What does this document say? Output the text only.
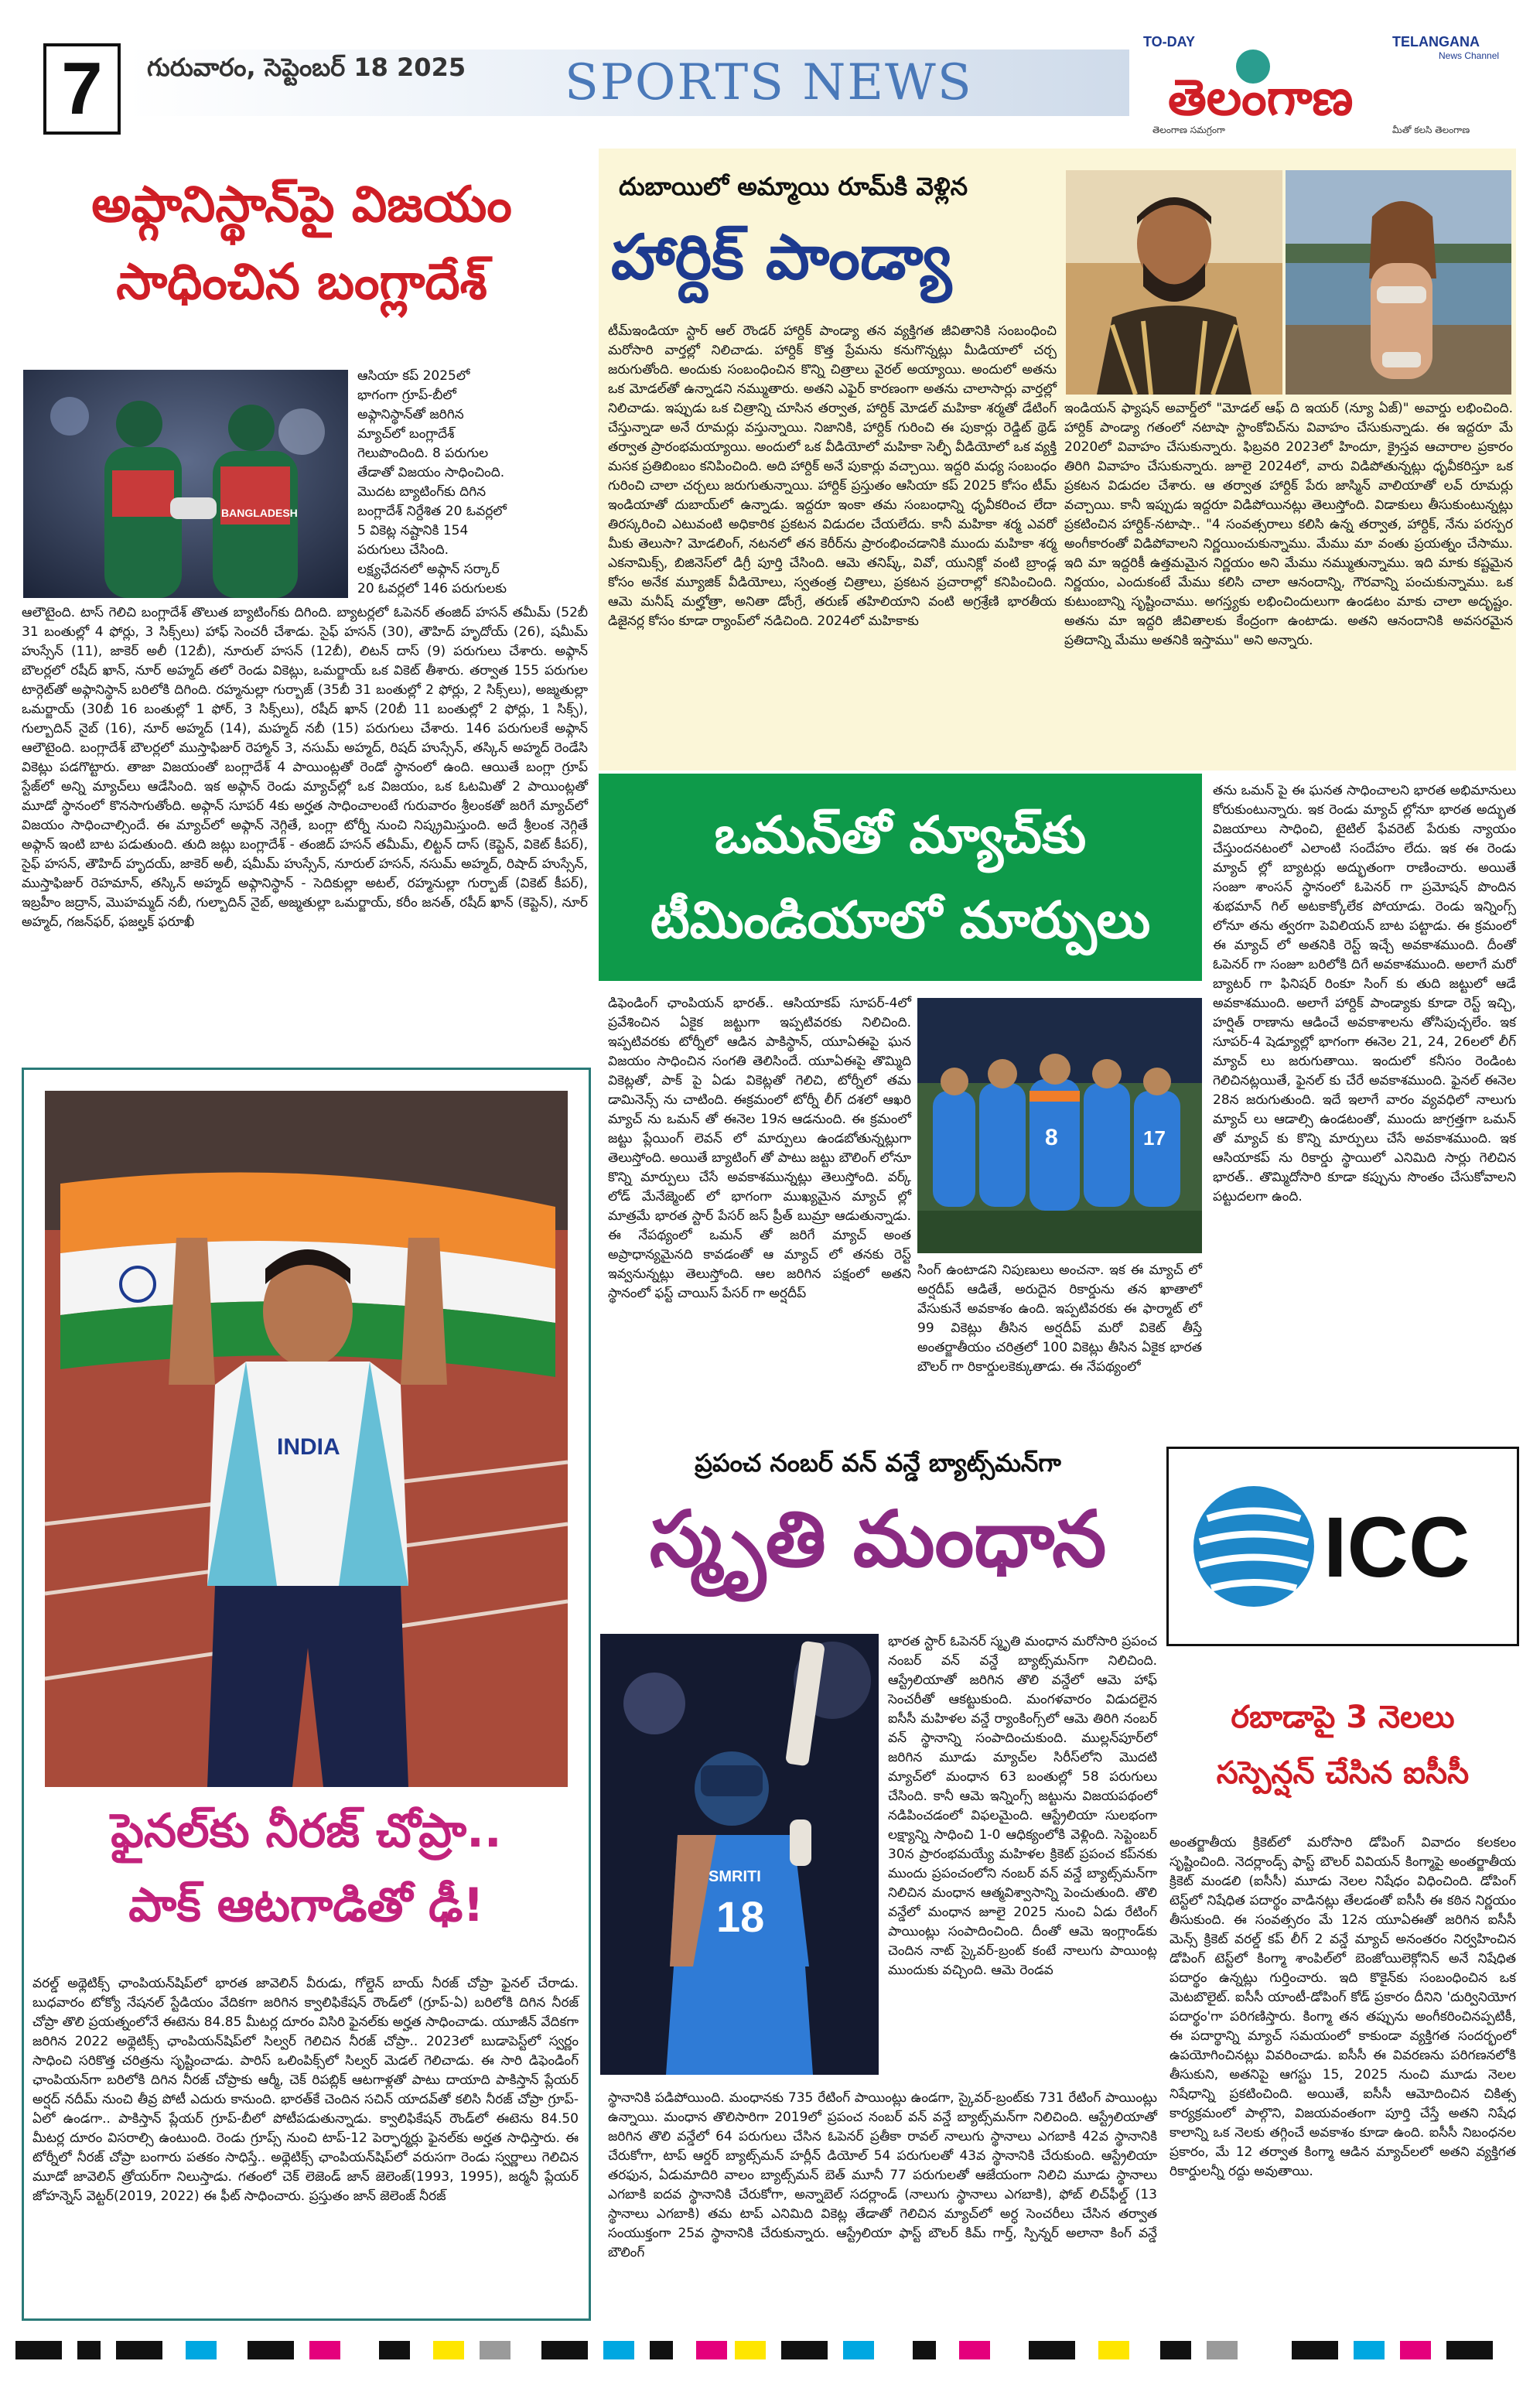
7	గురువారం, సెప్టెంబర్ 18 2025 SPORTS NEWS
TO-DAY	TELANGANA
News Channel
తెలంగాణ
తెలంగాణ సమగ్రంగా	మీతో కలసి తెలంగాణ
అఫ్గానిస్థాన్‌పై విజయం
సాధించిన బంగ్లాదేశ్
BANGLADESH
ఆసియా కప్ 2025లో
భాగంగా గ్రూప్-బీలో
అఫ్గానిస్థాన్‌తో జరిగిన
మ్యాచ్‌లో బంగ్లాదేశ్
గెలుపొందింది. 8 పరుగుల
తేడాతో విజయం సాధించింది.
మొదట బ్యాటింగ్‌కు దిగిన
బంగ్లాదేశ్ నిర్దేశిత 20 ఓవర్లలో
5 వికెట్ల నష్టానికి 154
పరుగులు చేసింది.
లక్ష్యఛేదనలో అఫ్గాన్ సర్కార్
20 ఓవర్లలో 146 పరుగులకు
ఆలౌటైంది. టాస్ గెలిచి బంగ్లాదేశ్ తొలుత బ్యాటింగ్‌కు దిగింది. బ్యాటర్లలో ఓపెనర్ తంజిద్ హసన్ తమీమ్ (52బీ 31 బంతుల్లో 4 ఫోర్లు, 3 సిక్స్‌లు) హాఫ్ సెంచరీ చేశాడు. సైఫ్ హసన్ (30), తౌహిద్ హృదోయ్ (26), షమీమ్ హుస్సేన్ (11), జాకెర్ అలీ (12బీ), నూరుల్ హసన్ (12బీ), లిటన్ దాస్ (9) పరుగులు చేశారు. అఫ్గాన్ బౌలర్లలో రషీద్ ఖాన్, నూర్ అహ్మద్ తలో రెండు వికెట్లు, ఒమర్జాయ్ ఒక వికెట్ తీశారు. తర్వాత 155 పరుగుల టార్గెట్‌తో అఫ్గానిస్థాన్ బరిలోకి దిగింది. రహ్మనుల్లా గుర్బాజ్ (35బీ 31 బంతుల్లో 2 ఫోర్లు, 2 సిక్స్‌లు), అజ్మతుల్లా ఒమర్జాయ్ (30బీ 16 బంతుల్లో 1 ఫోర్, 3 సిక్స్‌లు), రషీద్ ఖాన్ (20బీ 11 బంతుల్లో 2 ఫోర్లు, 1 సిక్స్), గుల్బాదిన్ నైబ్ (16), నూర్ అహ్మద్ (14), మహ్మద్ నబీ (15) పరుగులు చేశారు. 146 పరుగులకే అఫ్గాన్ ఆలౌటైంది. బంగ్లాదేశ్ బౌలర్లలో ముస్తాఫిజుర్ రెహ్మాన్ 3, నసుమ్ అహ్మద్, రిషద్ హుస్సేన్, తస్కిన్ అహ్మద్ రెండేసి వికెట్లు పడగొట్టారు. తాజా విజయంతో బంగ్లాదేశ్ 4 పాయింట్లతో రెండో స్థానంలో ఉంది. ఆయితే బంగ్లా గ్రూప్ స్టేజ్‌లో అన్ని మ్యాచ్‌లు ఆడేసింది. ఇక అఫ్గాన్ రెండు మ్యాచ్‌ల్లో ఒక విజయం, ఒక ఓటమితో 2 పాయింట్లతో మూడో స్థానంలో కొనసాగుతోంది. అఫ్గాన్ సూపర్ 4కు అర్హత సాధించాలంటే గురువారం శ్రీలంకతో జరిగే మ్యాచ్‌లో విజయం సాధించాల్సిందే. ఈ మ్యాచ్‌లో అఫ్గాన్ నెగ్గితే, బంగ్లా టోర్నీ నుంచి నిష్క్రమిస్తుంది. అదే శ్రీలంక నెగ్గితే అఫ్గాన్ ఇంటి బాట పడుతుంది. తుది జట్లు బంగ్లాదేశ్ - తంజిద్ హసన్ తమీమ్, లిట్టన్ దాస్ (కెప్టెన్, వికెట్ కీపర్), సైఫ్ హసన్, తౌహిద్ హృదయ్, జాకెర్ అలీ, షమీమ్ హుస్సేన్, నూరుల్ హసన్, నసుమ్ అహ్మద్, రిషాద్ హుస్సేన్, ముస్తాఫిజుర్ రెహమాన్, తస్కిన్ అహ్మద్ అఫ్గానిస్థాన్ - సెదికుల్లా అటల్, రహ్మనుల్లా గుర్బాజ్ (వికెట్ కీపర్), ఇబ్రహీం జద్రాన్, మొహమ్మద్ నబీ, గుల్బాదిన్ నైబ్, అజ్మతుల్లా ఒమర్జాయ్, కరీం జనత్, రషీద్ ఖాన్ (కెప్టెన్), నూర్ అహ్మద్, గజన్‌ఫర్, ఫజల్హక్ ఫరూఖీ
దుబాయిలో అమ్మాయి రూమ్‌కి వెళ్లిన
హార్దిక్ పాండ్యా
టీమ్‌ఇండియా స్టార్ ఆల్ రౌండర్ హార్దిక్ పాండ్యా తన వ్యక్తిగత జీవితానికి సంబంధించి మరోసారి వార్తల్లో నిలిచాడు. హార్దిక్ కొత్త ప్రేమను కనుగొన్నట్లు మీడియాలో చర్చ జరుగుతోంది. అందుకు సంబంధించిన కొన్ని చిత్రాలు వైరల్ అయ్యాయి. అందులో అతను ఒక మోడల్‌తో ఉన్నాడని నమ్ముతారు. అతని ఎఫైర్ కారణంగా అతను చాలాసార్లు వార్తల్లో నిలిచాడు. ఇప్పుడు ఒక చిత్రాన్ని చూసిన తర్వాత, హార్దిక్ మోడల్ మహికా శర్మతో డేటింగ్ చేస్తున్నాడా అనే రూమర్లు వస్తున్నాయి. నిజానికి, హార్దిక్ గురించి ఈ పుకార్లు రెడ్డిట్ థ్రెడ్ తర్వాత ప్రారంభమయ్యాయి. అందులో ఒక వీడియోలో మహికా సెల్ఫీ వీడియోలో ఒక వ్యక్తి మసక ప్రతిబింబం కనిపించింది. అది హార్దిక్ అనే పుకార్లు వచ్చాయి. ఇద్దరి మధ్య సంబంధం గురించి చాలా చర్చలు జరుగుతున్నాయి. హార్దిక్ ప్రస్తుతం ఆసియా కప్ 2025 కోసం టీమ్ ఇండియాతో దుబాయ్‌లో ఉన్నాడు. ఇద్దరూ ఇంకా తమ సంబంధాన్ని ధృవీకరించ లేదా తిరస్కరించి ఎటువంటి అధికారిక ప్రకటన విడుదల చేయలేదు. కానీ మహికా శర్మ ఎవరో మీకు తెలుసా? మోడలింగ్, నటనలో తన కెరీర్‌ను ప్రారంభించడానికి ముందు మహికా శర్మ ఎకనామిక్స్, బిజినెస్‌లో డిగ్రీ పూర్తి చేసింది. ఆమె తనిష్క్, వివో, యునిక్లో వంటి బ్రాండ్ల కోసం అనేక మ్యూజిక్ వీడియోలు, స్వతంత్ర చిత్రాలు, ప్రకటన ప్రచారాల్లో కనిపించింది. ఆమె మనీష్ మల్హోత్రా, అనితా డోంగ్రే, తరుణ్ తహిలియాని వంటి అగ్రశ్రేణి భారతీయ డిజైనర్ల కోసం కూడా ర్యాంప్‌లో నడిచింది. 2024లో మహికాకు
ఇండియన్ ఫ్యాషన్ అవార్డ్‌లో "మోడల్ ఆఫ్ ది ఇయర్ (న్యూ ఏజ్)" అవార్డు లభించింది. హార్దిక్ పాండ్యా గతంలో నటాషా స్టాంకోవిచ్‌ను వివాహం చేసుకున్నాడు. ఈ ఇద్దరూ మే 2020లో వివాహం చేసుకున్నారు. ఫిబ్రవరి 2023లో హిందూ, క్రైస్తవ ఆచారాల ప్రకారం తిరిగి వివాహం చేసుకున్నారు. జూలై 2024లో, వారు విడిపోతున్నట్లు ధృవీకరిస్తూ ఒక ప్రకటన విడుదల చేశారు. ఆ తర్వాత హార్దిక్ పేరు జాస్మిన్ వాలియాతో లవ్ రూమర్లు వచ్చాయి. కానీ ఇప్పుడు ఇద్దరూ విడిపోయినట్లు తెలుస్తోంది. విడాకులు తీసుకుంటున్నట్లు ప్రకటించిన హార్దిక్-నటాషా.. "4 సంవత్సరాలు కలిసి ఉన్న తర్వాత, హార్దిక్, నేను పరస్పర అంగీకారంతో విడిపోవాలని నిర్ణయించుకున్నాము. మేము మా వంతు ప్రయత్నం చేసాము. ఇది మా ఇద్దరికీ ఉత్తమమైన నిర్ణయం అని మేము నమ్ముతున్నాము. ఇది మాకు కష్టమైన నిర్ణయం, ఎందుకంటే మేము కలిసి చాలా ఆనందాన్ని, గౌరవాన్ని పంచుకున్నాము. ఒక కుటుంబాన్ని సృష్టించాము. అగస్త్యకు లభించిందులుగా ఉండటం మాకు చాలా అదృష్టం. అతను మా ఇద్దరి జీవితాలకు కేంద్రంగా ఉంటాడు. అతని ఆనందానికి అవసరమైన ప్రతిదాన్ని మేము అతనికి ఇస్తాము" అని అన్నారు.
ఒమన్‌తో మ్యాచ్‌కు
టీమిండియాలో మార్పులు
తను ఒమన్ పై ఈ ఘనత సాధించాలని భారత అభిమానులు కోరుకుంటున్నారు. ఇక రెండు మ్యాచ్ ల్లోనూ భారత అద్భుత విజయాలు సాధించి, టైటిల్ ఫేవరెట్ పేరుకు న్యాయం చేస్తుందనటంలో ఎలాంటి సందేహం లేదు. ఇక ఈ రెండు మ్యాచ్ ల్లో బ్యాటర్లు అద్భుతంగా రాణించారు. అయితే సంజూ శాంసన్ స్థానంలో ఓపెనర్ గా ప్రమోషన్ పొందిన శుభమాన్ గిల్ అటకాక్కోలేక పోయాడు. రెండు ఇన్నింగ్స్ లోనూ తను త్వరగా పెవిలియన్ బాట పట్టాడు. ఈ క్రమంలో ఈ మ్యాచ్ లో అతనికి రెస్ట్ ఇచ్చే అవకాశముంది. దీంతో ఓపెనర్ గా సంజూ బరిలోకి దిగే అవకాశముంది. అలాగే మరో బ్యాటర్ గా ఫినిషర్ రింకూ సింగ్ కు తుది జట్టులో ఆడే అవకాశముంది. అలాగే హార్దిక్ పాండ్యాకు కూడా రెస్ట్ ఇచ్చి, హర్షిత్ రాణాను ఆడించే అవకాశాలను తోసిపుచ్చలేం. ఇక సూపర్-4 షెడ్యూల్లో భాగంగా ఈనెల 21, 24, 26లలో లీగ్ మ్యాచ్ లు జరుగుతాయి. ఇందులో కనీసం రెండింట గెలిచినట్లయితే, ఫైనల్ కు చేరే అవకాశముంది. ఫైనల్ ఈనెల 28న జరుగుతుంది. ఇదే ఇలాగే వారం వ్యవధిలో నాలుగు మ్యాచ్ లు ఆడాల్సి ఉండటంతో, ముందు జాగ్రత్తగా ఒమన్ తో మ్యాచ్ కు కొన్ని మార్పులు చేసే అవకాశముంది. ఇక ఆసియాకప్ ను రికార్డు స్థాయిలో ఎనిమిది సార్లు గెలిచిన భారత్.. తొమ్మిదోసారి కూడా కప్పును సొంతం చేసుకోవాలని పట్టుదలగా ఉంది.
డిఫెండింగ్ ఛాంపియన్ భారత్.. ఆసియాకప్ సూపర్-4లో ప్రవేశించిన ఏకైక జట్టుగా ఇప్పటివరకు నిలిచింది. ఇప్పటివరకు టోర్నీలో ఆడిన పాకిస్థాన్, యూఏఈపై ఘన విజయం సాధించిన సంగతి తెలిసిందే. యూఏఈపై తొమ్మిది వికెట్లతో, పాక్ పై ఏడు వికెట్లతో గెలిచి, టోర్నీలో తమ డామినెన్స్ ను చాటింది. ఈక్రమంలో టోర్నీ లీగ్ దశలో ఆఖరి మ్యాచ్ ను ఒమన్ తో ఈనెల 19న ఆడనుంది. ఈ క్రమంలో జట్టు ప్లేయింగ్ లెవన్ లో మార్పులు ఉండబోతున్నట్లుగా తెలుస్తోంది. అయితే బ్యాటింగ్ తో పాటు జట్టు బౌలింగ్ లోనూ కొన్ని మార్పులు చేసే అవకాశమున్నట్లు తెలుస్తోంది. వర్క్ లోడ్ మేనేజ్మెంట్ లో భాగంగా ముఖ్యమైన మ్యాచ్ ల్లో మాత్రమే భారత స్టార్ పేసర్ జస్ ప్రీత్ బుమ్రా ఆడుతున్నాడు. ఈ నేపథ్యంలో ఒమన్ తో జరిగే మ్యాచ్ అంత అప్రాధాన్యమైనది కావడంతో ఆ మ్యాచ్ లో తనకు రెస్ట్ ఇవ్వనున్నట్లు తెలుస్తోంది. ఆల జరిగిన పక్షంలో అతని స్థానంలో ఫస్ట్ చాయిస్ పేసర్ గా అర్షదీప్
8	17
సింగ్ ఉంటాడని నిపుణులు అంచనా. ఇక ఈ మ్యాచ్ లో అర్షదీప్ ఆడితే, అరుదైన రికార్డును తన ఖాతాలో వేసుకునే అవకాశం ఉంది. ఇప్పటివరకు ఈ ఫార్మాట్ లో 99 వికెట్లు తీసిన అర్షదీప్ మరో వికెట్ తీస్తే అంతర్జాతీయం చరిత్రలో 100 వికెట్లు తీసిన ఏకైక భారత బౌలర్ గా రికార్డులకెక్కుతాడు. ఈ నేపథ్యంలో
INDIA
ఫైనల్‌కు నీరజ్ చోప్రా..
పాక్ ఆటగాడితో ఢీ!
వరల్డ్ అథ్లెటిక్స్ ఛాంపియన్‌షిప్‌లో భారత జావెలిన్ వీరుడు, గోల్డెన్ బాయ్ నీరజ్ చోప్రా ఫైనల్ చేరాడు. బుధవారం టోక్యో నేషనల్ స్టేడియం వేదికగా జరిగిన క్వాలిఫికేషన్ రౌండ్‌లో (గ్రూప్-ఏ) బరిలోకి దిగిన నీరజ్ చోప్రా తొలి ప్రయత్నంలోనే ఈటెను 84.85 మీటర్ల దూరం విసిరి ఫైనల్‌కు అర్హత సాధించాడు. యూజీన్ వేదికగా జరిగిన 2022 అథ్లెటిక్స్ ఛాంపియన్‌షిప్‌లో సిల్వర్ గెలిచిన నీరజ్ చోప్రా.. 2023లో బుడాపెస్ట్‌లో స్వర్ణం సాధించి సరికొత్త చరిత్రను సృష్టించాడు. పారిస్ ఒలింపిక్స్‌లో సిల్వర్ మెడల్ గెలిచాడు. ఈ సారి డిఫెండింగ్ ఛాంపియన్‌గా బరిలోకి దిగిన నీరజ్ చోప్రాకు ఆర్మీ, చెక్ రిపబ్లిక్ ఆటగాళ్లతో పాటు దాయాది పాకిస్తాన్ ప్లేయర్ అర్షద్ నదీమ్ నుంచి తీవ్ర పోటీ ఎదురు కానుంది. భారత్‌కే చెందిన సచిన్ యాదవ్‌తో కలిసి నీరజ్ చోప్రా గ్రూప్-ఏలో ఉండగా.. పాకిస్తాన్ ప్లేయర్ గ్రూప్-బీలో పోటీపడుతున్నాడు. క్వాలిఫికేషన్ రౌండ్‌లో ఈటెను 84.50 మీటర్ల దూరం విసరాల్సి ఉంటుంది. రెండు గ్రూప్స్ నుంచి టాప్-12 పెర్ఫార్మర్లు ఫైనల్‌కు అర్హత సాధిస్తారు. ఈ టోర్నీలో నీరజ్ చోప్రా బంగారు పతకం సాధిస్తే.. అథ్లెటిక్స్ ఛాంపియన్‌షిప్‌లో వరుసగా రెండు స్వర్ణాలు గెలిచిన మూడో జావెలిన్ త్రోయర్‌గా నిలుస్తాడు. గతంలో చెక్ లెజెండ్ జాన్ జెలెంజ్(1993, 1995), జర్మనీ ప్లేయర్ జోహన్నెస్ వెట్టర్(2019, 2022) ఈ ఫీట్ సాధించారు. ప్రస్తుతం జాన్ జెలెంజ్ నీరజ్
ప్రపంచ నంబర్ వన్ వన్డే బ్యాట్స్‌మన్‌గా
స్మృతి మంధాన
SMRITI
18
భారత స్టార్ ఓపెనర్ స్మృతి మంధాన మరోసారి ప్రపంచ నంబర్ వన్ వన్డే బ్యాట్స్‌మన్‌గా నిలిచింది. ఆస్ట్రేలియాతో జరిగిన తొలి వన్డేలో ఆమె హాఫ్ సెంచరీతో ఆకట్టుకుంది. మంగళవారం విడుదలైన ఐసీసీ మహిళల వన్డే ర్యాంకింగ్స్‌లో ఆమె తిరిగి నంబర్ వన్ స్థానాన్ని సంపాదించుకుంది. ముల్లన్‌పూర్‌లో జరిగిన మూడు మ్యాచ్‌ల సిరీస్‌లోని మొదటి మ్యాచ్‌లో మంధాన 63 బంతుల్లో 58 పరుగులు చేసింది. కానీ ఆమె ఇన్నింగ్స్ జట్టును విజయపథంలో నడిపించడంలో విఫలమైంది. ఆస్ట్రేలియా సులభంగా లక్ష్యాన్ని సాధించి 1-0 ఆధిక్యంలోకి వెళ్లింది. సెప్టెంబర్ 30న ప్రారంభమయ్యే మహిళల క్రికెట్ ప్రపంచ కప్‌నకు ముందు ప్రపంచంలోని నంబర్ వన్ వన్డే బ్యాట్స్‌మన్‌గా నిలిచిన మంధాన ఆత్మవిశ్వాసాన్ని పెంచుతుంది. తొలి వన్డేలో మంధాన జూలై 2025 నుంచి ఏడు రేటింగ్ పాయింట్లు సంపాదించింది. దీంతో ఆమె ఇంగ్లాండ్‌కు చెందిన నాట్ స్కైవర్-బ్రంట్ కంటే నాలుగు పాయింట్ల ముందుకు వచ్చింది. ఆమె రెండవ
స్థానానికి పడిపోయింది. మంధానకు 735 రేటింగ్ పాయింట్లు ఉండగా, స్కైవర్-బ్రంట్‌కు 731 రేటింగ్ పాయింట్లు ఉన్నాయి. మంధాన తొలిసారిగా 2019లో ప్రపంచ నంబర్ వన్ వన్డే బ్యాట్స్‌మన్‌గా నిలిచింది. ఆస్ట్రేలియాతో జరిగిన తొలి వన్డేలో 64 పరుగులు చేసిన ఓపెనర్ ప్రతీకా రావల్ నాలుగు స్థానాలు ఎగబాకి 42వ స్థానానికి చేరుకోగా, టాప్ ఆర్డర్ బ్యాట్స్‌మన్ హర్లీన్ డియోల్ 54 పరుగులతో 43వ స్థానానికి చేరుకుంది. ఆస్ట్రేలియా తరఫున, ఏడుమాదిరి వాలం బ్యాట్స్‌మన్ బెత్ మూనీ 77 పరుగులతో ఆజేయంగా నిలిచి మూడు స్థానాలు ఎగబాకి ఐదవ స్థానానికి చేరుకోగా, అన్నాబెల్ సదర్లాండ్ (నాలుగు స్థానాలు ఎగబాకి), ఫోబ్ లిచ్‌ఫీల్డ్ (13 స్థానాలు ఎగబాకి) తమ టాప్ ఎనిమిది వికెట్ల తేడాతో గెలిచిన మ్యాచ్‌లో అర్ధ సెంచరీలు చేసిన తర్వాత సంయుక్తంగా 25వ స్థానానికి చేరుకున్నారు. ఆస్ట్రేలియా ఫాస్ట్ బౌలర్ కిమ్ గార్త్, స్పిన్నర్ అలానా కింగ్ వన్డే బౌలింగ్
ICC
రబాడాపై 3 నెలలు
సస్పెన్షన్ చేసిన ఐసీసీ
అంతర్జాతీయ క్రికెట్‌లో మరోసారి డోపింగ్ వివాదం కలకలం సృష్టించింది. నెదర్లాండ్స్ ఫాస్ట్ బౌలర్ వివియన్ కింగ్మాపై అంతర్జాతీయ క్రికెట్ మండలి (ఐసీసీ) మూడు నెలల నిషేధం విధించింది. డోపింగ్ టెస్ట్‌లో నిషేధిత పదార్థం వాడినట్లు తేలడంతో ఐసీసీ ఈ కఠిన నిర్ణయం తీసుకుంది. ఈ సంవత్సరం మే 12న యూఏఈతో జరిగిన ఐసీసీ మెన్స్ క్రికెట్ వరల్డ్ కప్ లీగ్ 2 వన్డే మ్యాచ్ అనంతరం నిర్వహించిన డోపింగ్ టెస్ట్‌లో కింగ్మా శాంపిల్‌లో బెంజోయిలెక్గోనిన్ అనే నిషేధిత పదార్థం ఉన్నట్లు గుర్తించారు. ఇది కొకైన్‌కు సంబంధించిన ఒక మెటబొలైట్. ఐసీసీ యాంటీ-డోపింగ్ కోడ్ ప్రకారం దీనిని 'దుర్వినియోగ పదార్థం'గా పరిగణిస్తారు. కింగ్మా తన తప్పును అంగీకరించినప్పటికీ, ఈ పదార్థాన్ని మ్యాచ్ సమయంలో కాకుండా వ్యక్తిగత సందర్భంలో ఉపయోగించినట్లు వివరించాడు. ఐసీసీ ఈ వివరణను పరిగణనలోకి తీసుకుని, అతనిపై ఆగస్టు 15, 2025 నుంచి మూడు నెలల నిషేధాన్ని ప్రకటించింది. అయితే, ఐసీసీ ఆమోదించిన చికిత్స కార్యక్రమంలో పాల్గొని, విజయవంతంగా పూర్తి చేస్తే అతని నిషేధ కాలాన్ని ఒక నెలకు తగ్గించే అవకాశం కూడా ఉంది. ఐసీసీ నిబంధనల ప్రకారం, మే 12 తర్వాత కింగ్మా ఆడిన మ్యాచ్‌లలో అతని వ్యక్తిగత రికార్డులన్నీ రద్దు అవుతాయి.
